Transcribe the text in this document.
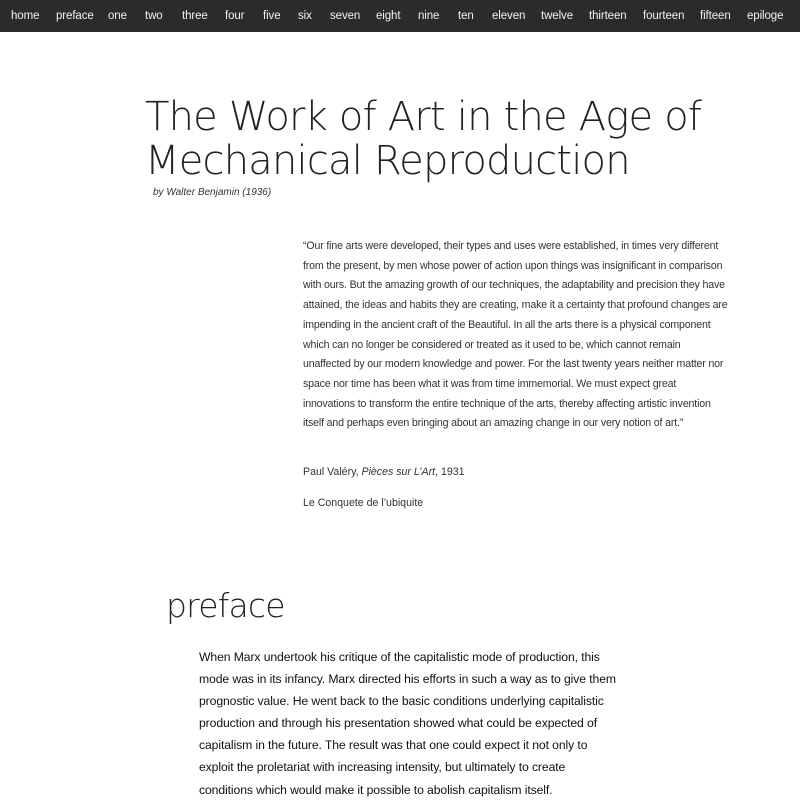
home preface one two three four five six seven eight nine ten eleven twelve thirteen fourteen fifteen epiloge
The Work of Art in the Age of
Mechanical Reproduction
by Walter Benjamin (1936)
“Our fine arts were developed, their types and uses were established, in times very different from the present, by men whose power of action upon things was insignificant in comparison with ours. But the amazing growth of our techniques, the adaptability and precision they have attained, the ideas and habits they are creating, make it a certainty that profound changes are impending in the ancient craft of the Beautiful. In all the arts there is a physical component which can no longer be considered or treated as it used to be, which cannot remain unaffected by our modern knowledge and power. For the last twenty years neither matter nor space nor time has been what it was from time immemorial. We must expect great innovations to transform the entire technique of the arts, thereby affecting artistic invention itself and perhaps even bringing about an amazing change in our very notion of art.”
Paul Valéry, Pièces sur L’Art, 1931
Le Conquete de l’ubiquite
preface

When Marx undertook his critique of the capitalistic mode of production, this mode was in its infancy. Marx directed his efforts in such a way as to give them prognostic value. He went back to the basic conditions underlying capitalistic production and through his presentation showed what could be expected of capitalism in the future. The result was that one could expect it not only to exploit the proletariat with increasing intensity, but ultimately to create conditions which would make it possible to abolish capitalism itself.
